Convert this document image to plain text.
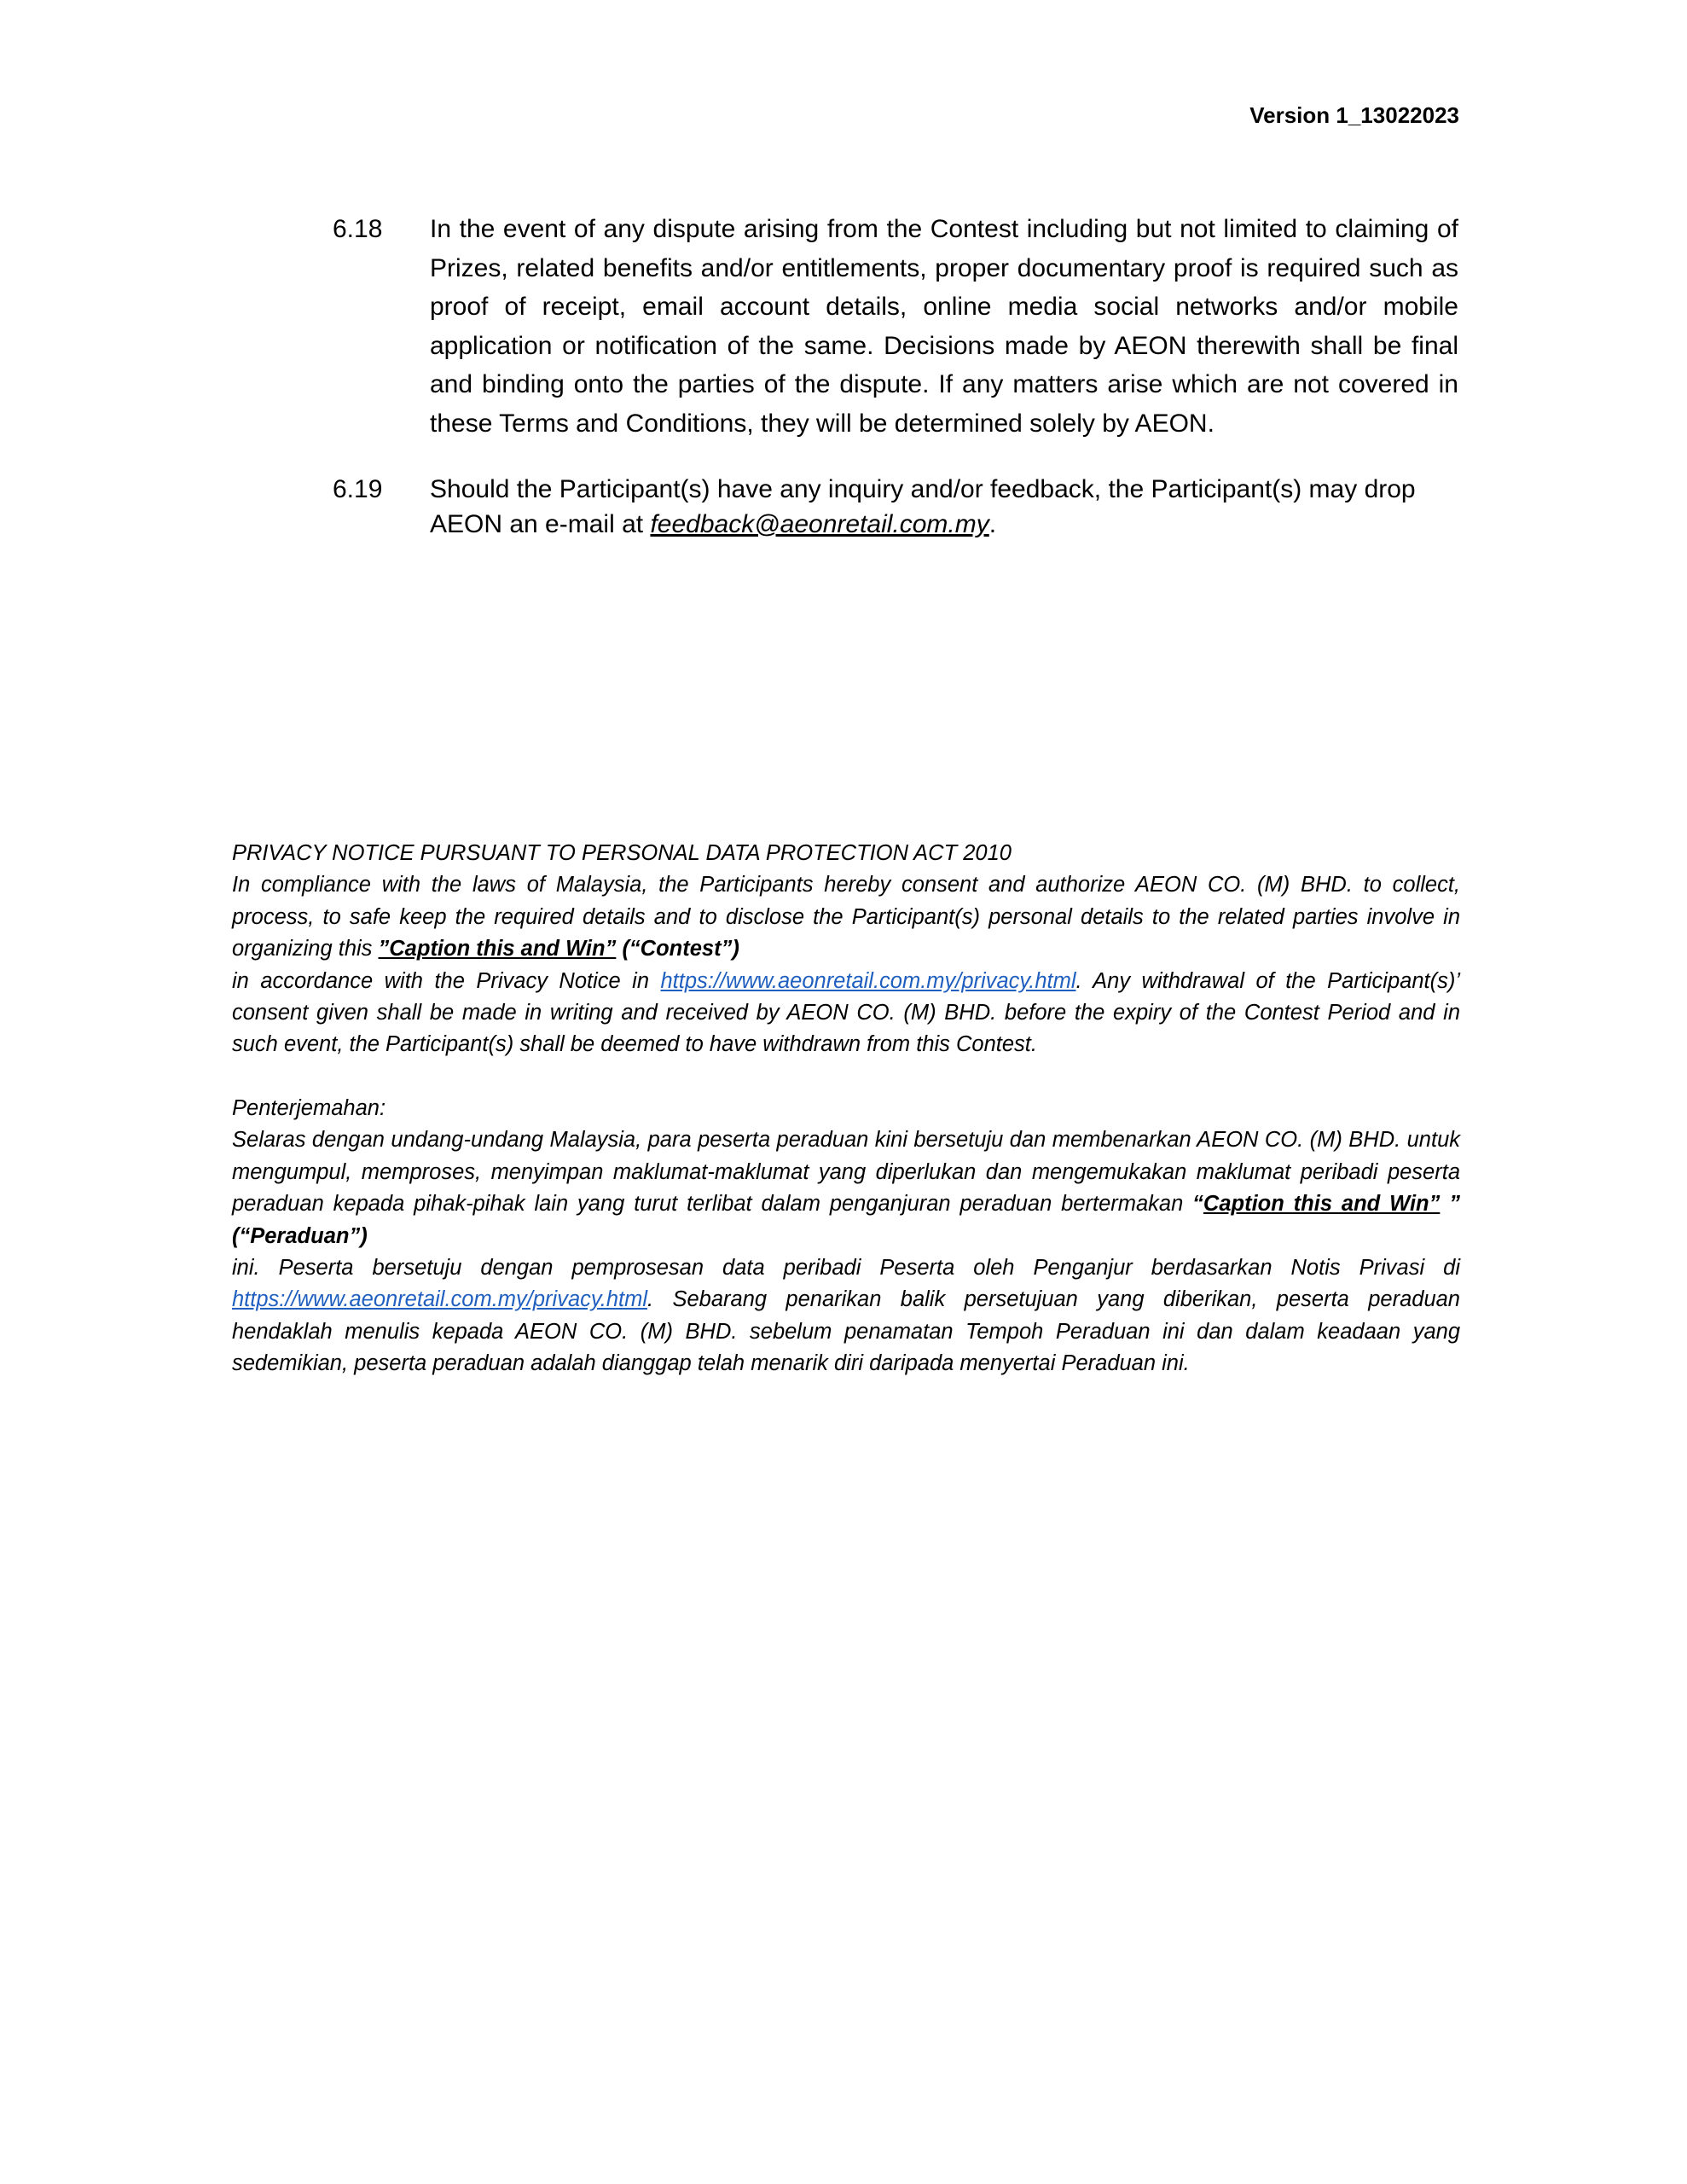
Version 1_13022023
6.18	In the event of any dispute arising from the Contest including but not limited to claiming of Prizes, related benefits and/or entitlements, proper documentary proof is required such as proof of receipt, email account details, online media social networks and/or mobile application or notification of the same. Decisions made by AEON therewith shall be final and binding onto the parties of the dispute. If any matters arise which are not covered in these Terms and Conditions, they will be determined solely by AEON.
6.19	Should the Participant(s) have any inquiry and/or feedback, the Participant(s) may drop AEON an e-mail at feedback@aeonretail.com.my.

PRIVACY NOTICE PURSUANT TO PERSONAL DATA PROTECTION ACT 2010

In compliance with the laws of Malaysia, the Participants hereby consent and authorize AEON CO. (M) BHD. to collect, process, to safe keep the required details and to disclose the Participant(s) personal details to the related parties involve in organizing this ”Caption this and Win” (“Contest”)

in accordance with the Privacy Notice in https://www.aeonretail.com.my/privacy.html. Any withdrawal of the Participant(s)’ consent given shall be made in writing and received by AEON CO. (M) BHD. before the expiry of the Contest Period and in such event, the Participant(s) shall be deemed to have withdrawn from this Contest.

Penterjemahan:

Selaras dengan undang-undang Malaysia, para peserta peraduan kini bersetuju dan membenarkan AEON CO. (M) BHD. untuk mengumpul, memproses, menyimpan maklumat-maklumat yang diperlukan dan mengemukakan maklumat peribadi peserta peraduan kepada pihak-pihak lain yang turut terlibat dalam penganjuran peraduan bertermakan “Caption this and Win” ” (“Peraduan”)

ini. Peserta bersetuju dengan pemprosesan data peribadi Peserta oleh Penganjur berdasarkan Notis Privasi di https://www.aeonretail.com.my/privacy.html. Sebarang penarikan balik persetujuan yang diberikan, peserta peraduan hendaklah menulis kepada AEON CO. (M) BHD. sebelum penamatan Tempoh Peraduan ini dan dalam keadaan yang sedemikian, peserta peraduan adalah dianggap telah menarik diri daripada menyertai Peraduan ini.
